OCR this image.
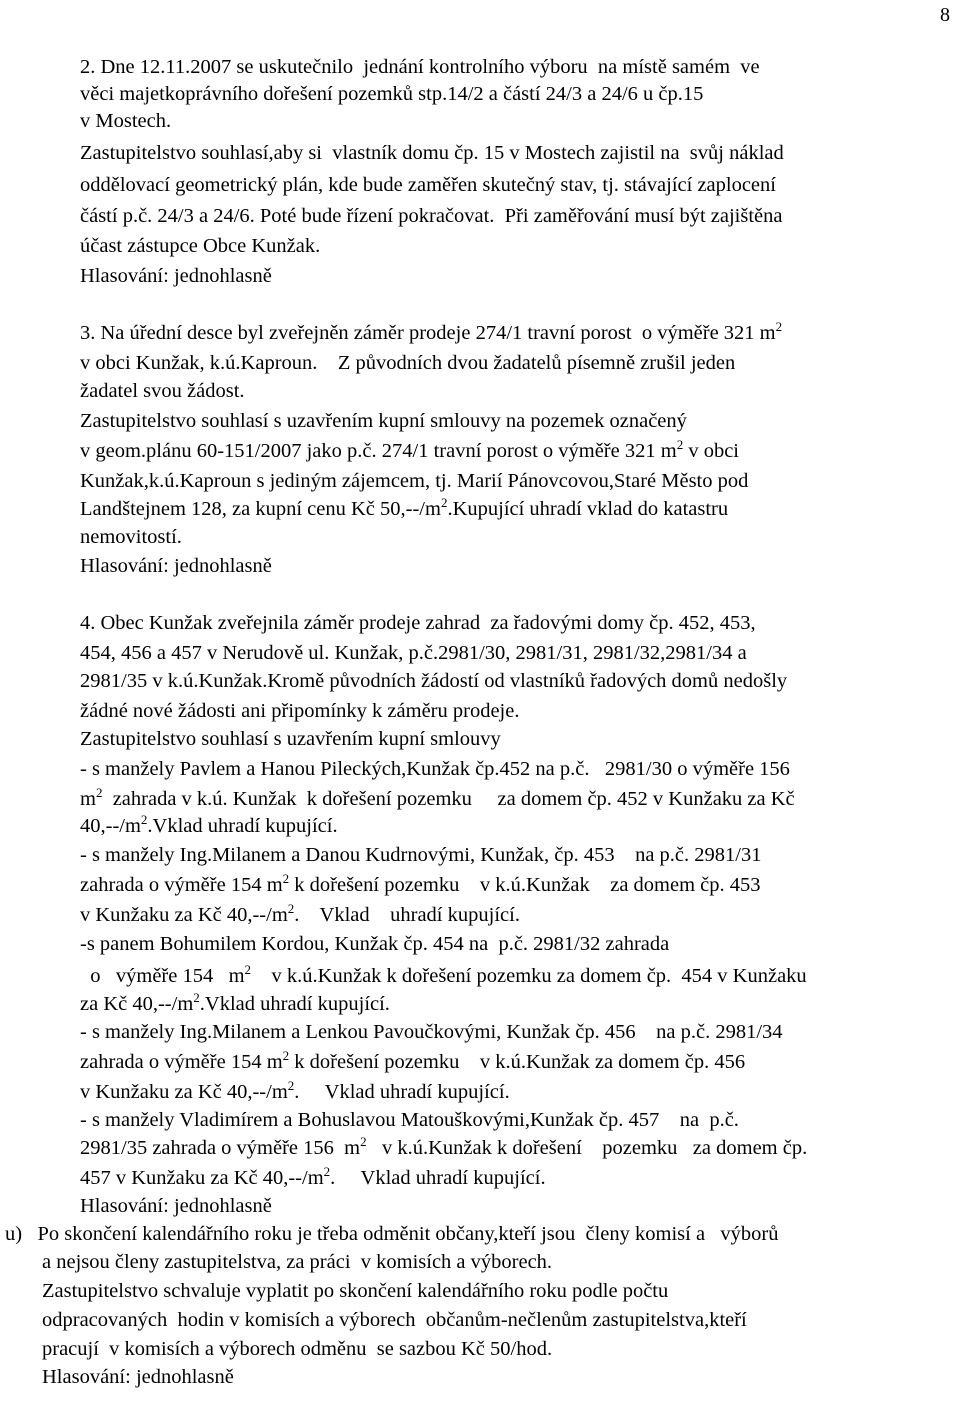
8
2. Dne 12.11.2007 se uskutečnilo  jednání kontrolního výboru  na místě samém  ve
věci majetkoprávního dořešení pozemků stp.14/2 a částí 24/3 a 24/6 u čp.15
v Mostech.
Zastupitelstvo souhlasí,aby si  vlastník domu čp. 15 v Mostech zajistil na  svůj náklad
oddělovací geometrický plán, kde bude zaměřen skutečný stav, tj. stávající zaplocení
částí p.č. 24/3 a 24/6. Poté bude řízení pokračovat.  Při zaměřování musí být zajištěna
účast zástupce Obce Kunžak.
Hlasování: jednohlasně
3. Na úřední desce byl zveřejněn záměr prodeje 274/1 travní porost  o výměře 321 $m^2$
v obci Kunžak, k.ú.Kaproun.    Z původních dvou žadatelů písemně zrušil jeden
žadatel svou žádost.
Zastupitelstvo souhlasí s uzavřením kupní smlouvy na pozemek označený
v geom.plánu 60-151/2007 jako p.č. 274/1 travní porost o výměře 321 $m^2$ v obci
Kunžak,k.ú.Kaproun s jediným zájemcem, tj. Marií Pánovcovou,Staré Město pod
Landštejnem 128, za kupní cenu Kč $50,--/m^2.Kupující$ uhradí vklad do katastru
nemovitostí.
Hlasování: jednohlasně
4. Obec Kunžak zveřejnila záměr prodeje zahrad  za řadovými domy čp. 452, 453,
454, 456 a 457 v Nerudově ul. Kunžak, p.č.2981/30, 2981/31, 2981/32,2981/34 a
2981/35 v k.ú.Kunžak.Kromě původních žádostí od vlastníků řadových domů nedošly
žádné nové žádosti ani připomínky k záměru prodeje.
Zastupitelstvo souhlasí s uzavřením kupní smlouvy
- s manžely Pavlem a Hanou Pileckých,Kunžak čp.452 na p.č.   2981/30 o výměře 156
$m^2$  zahrada v k.ú. Kunžak  k dořešení pozemku     za domem čp. 452 v Kunžaku za Kč
$40,--/m^2.Vklad$ uhradí kupující.
- s manžely Ing.Milanem a Danou Kudrnovými, Kunžak, čp. 453    na p.č. 2981/31
zahrada o výměře 154 $m^2$ k dořešení pozemku    v k.ú.Kunžak    za domem čp. 453
v Kunžaku za Kč $40,--/m^2$.    Vklad    uhradí kupující.
-s panem Bohumilem Kordou, Kunžak čp. 454 na  p.č. 2981/32 zahrada
o   výměře 154   $m^2$    v k.ú.Kunžak k dořešení pozemku za domem čp.  454 v Kunžaku
za Kč $40,--/m^2.Vklad$ uhradí kupující.
- s manžely Ing.Milanem a Lenkou Pavoučkovými, Kunžak čp. 456    na p.č. 2981/34
zahrada o výměře 154 $m^2$ k dořešení pozemku    v k.ú.Kunžak za domem čp. 456
v Kunžaku za Kč $40,--/m^2$.     Vklad uhradí kupující.
- s manžely Vladimírem a Bohuslavou Matouškovými,Kunžak čp. 457    na  p.č.
2981/35 zahrada o výměře 156  $m^2$   v k.ú.Kunžak k dořešení    pozemku   za domem čp.
457 v Kunžaku za Kč $40,--/m^2$.     Vklad uhradí kupující.
Hlasování: jednohlasně
u)   Po skončení kalendářního roku je třeba odměnit občany,kteří jsou  členy komisí a   výborů
a nejsou členy zastupitelstva, za práci  v komisích a výborech.
Zastupitelstvo schvaluje vyplatit po skončení kalendářního roku podle počtu
odpracovaných  hodin v komisích a výborech  občanům-nečlenům zastupitelstva,kteří
pracují  v komisích a výborech odměnu  se sazbou Kč 50/hod.
Hlasování: jednohlasně
